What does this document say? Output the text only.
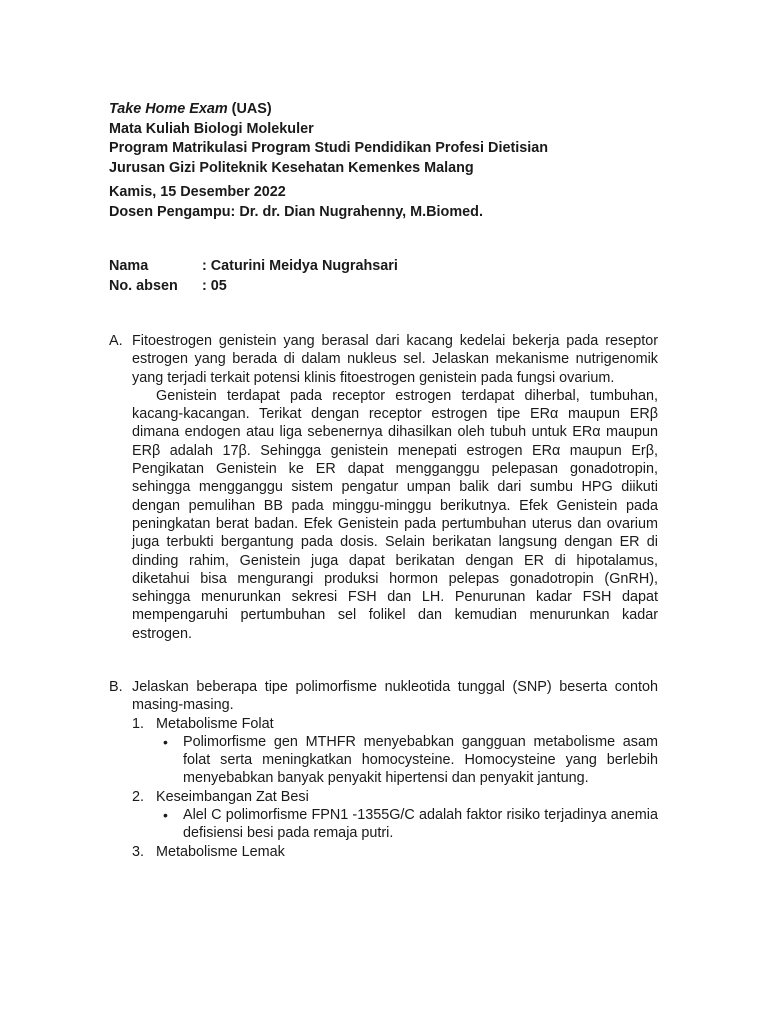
Take Home Exam (UAS)
Mata Kuliah Biologi Molekuler
Program Matrikulasi Program Studi Pendidikan Profesi Dietisian
Jurusan Gizi Politeknik Kesehatan Kemenkes Malang
Kamis, 15 Desember 2022
Dosen Pengampu: Dr. dr. Dian Nugrahenny, M.Biomed.
Nama	: Caturini Meidya Nugrahsari
No. absen	: 05
A. Fitoestrogen genistein yang berasal dari kacang kedelai bekerja pada reseptor estrogen yang berada di dalam nukleus sel. Jelaskan mekanisme nutrigenomik yang terjadi terkait potensi klinis fitoestrogen genistein pada fungsi ovarium.
Genistein terdapat pada receptor estrogen terdapat diherbal, tumbuhan, kacang-kacangan. Terikat dengan receptor estrogen tipe ERα maupun ERβ dimana endogen atau liga sebenernya dihasilkan oleh tubuh untuk ERα maupun ERβ adalah 17β. Sehingga genistein menepati estrogen ERα maupun Erβ, Pengikatan Genistein ke ER dapat mengganggu pelepasan gonadotropin, sehingga mengganggu sistem pengatur umpan balik dari sumbu HPG diikuti dengan pemulihan BB pada minggu-minggu berikutnya. Efek Genistein pada peningkatan berat badan. Efek Genistein pada pertumbuhan uterus dan ovarium juga terbukti bergantung pada dosis. Selain berikatan langsung dengan ER di dinding rahim, Genistein juga dapat berikatan dengan ER di hipotalamus, diketahui bisa mengurangi produksi hormon pelepas gonadotropin (GnRH), sehingga menurunkan sekresi FSH dan LH. Penurunan kadar FSH dapat mempengaruhi pertumbuhan sel folikel dan kemudian menurunkan kadar estrogen.
B. Jelaskan beberapa tipe polimorfisme nukleotida tunggal (SNP) beserta contoh masing-masing.
1. Metabolisme Folat
• Polimorfisme gen MTHFR menyebabkan gangguan metabolisme asam folat serta meningkatkan homocysteine. Homocysteine yang berlebih menyebabkan banyak penyakit hipertensi dan penyakit jantung.
2. Keseimbangan Zat Besi
• Alel C polimorfisme FPN1 -1355G/C adalah faktor risiko terjadinya anemia defisiensi besi pada remaja putri.
3. Metabolisme Lemak
